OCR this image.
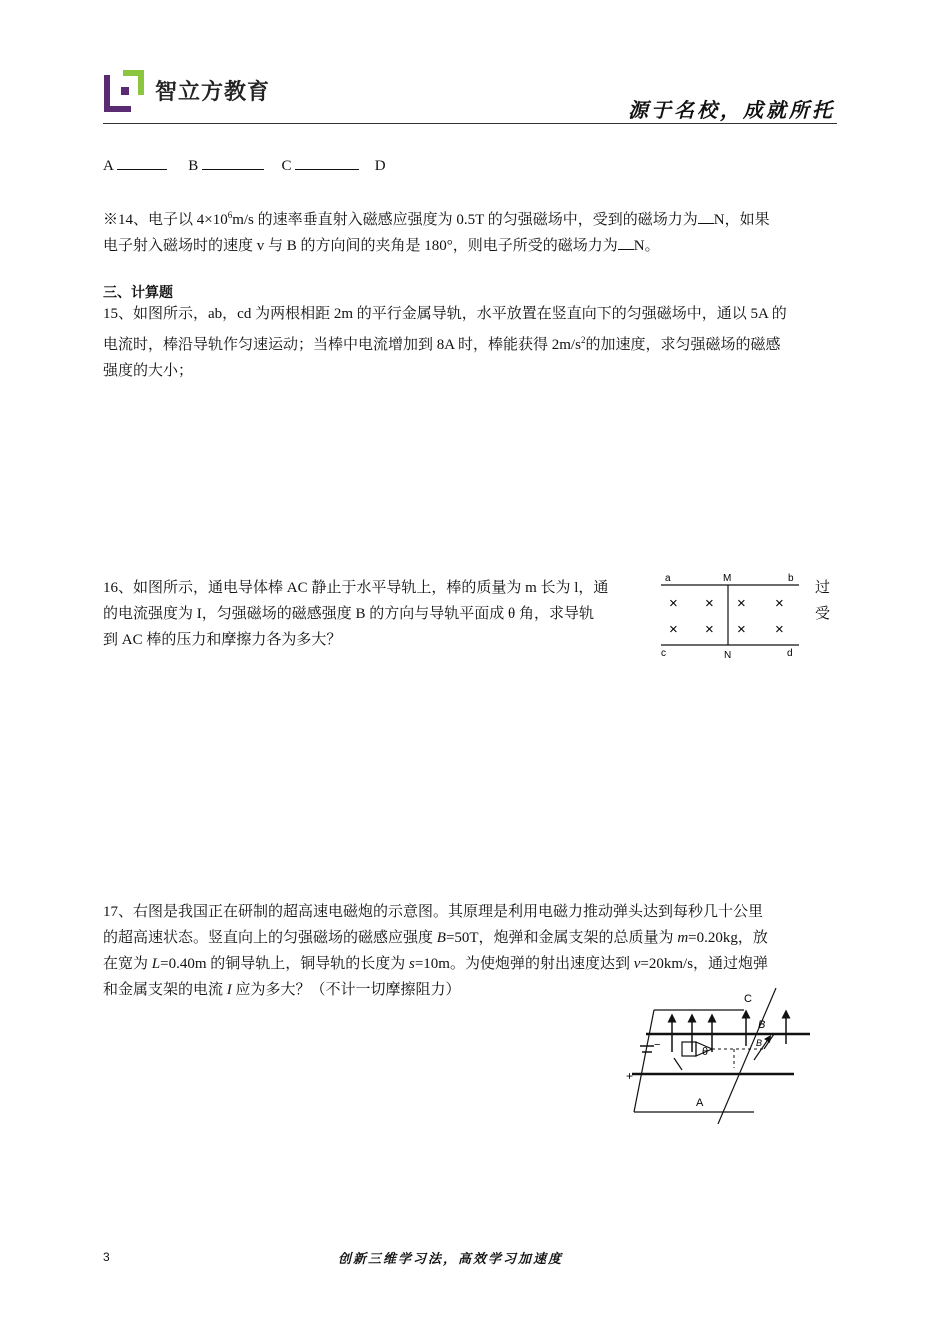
智立方教育
源于名校，成就所托
A	B	C	D
※14、电子以 $4\times 10^6m/s$ 的速率垂直射入磁感应强度为 0.5T 的匀强磁场中，受到的磁场力为 N，如果
电子射入磁场时的速度 v 与 B 的方向间的夹角是 180°，则电子所受的磁场力为 N。
三、计算题
15、如图所示，ab，cd 为两根相距 2m 的平行金属导轨，水平放置在竖直向下的匀强磁场中，通以 5A 的
电流时，棒沿导轨作匀速运动；当棒中电流增加到 8A 时，棒能获得 $2m/s^2$的加速度，求匀强磁场的磁感
强度的大小；
16、如图所示，通电导体棒 AC 静止于水平导轨上，棒的质量为 m 长为 l，通
的电流强度为 I，匀强磁场的磁感强度 B 的方向与导轨平面成 θ 角，求导轨
到 AC 棒的压力和摩擦力各为多大？
过
受
a	M	b
c	N	d
× × × ×
× × × ×
17、右图是我国正在研制的超高速电磁炮的示意图。其原理是利用电磁力推动弹头达到每秒几十公里
的超高速状态。竖直向上的匀强磁场的磁感应强度 B=50T，炮弹和金属支架的总质量为 m=0.20kg，放
在宽为 L=0.40m 的铜导轨上，铜导轨的长度为 s=10m。为使炮弹的射出速度达到 v=20km/s，通过炮弹
和金属支架的电流 I 应为多大？（不计一切摩擦阻力）
C
B
B
θ
A
−
+
3	创新三维学习法，高效学习加速度
